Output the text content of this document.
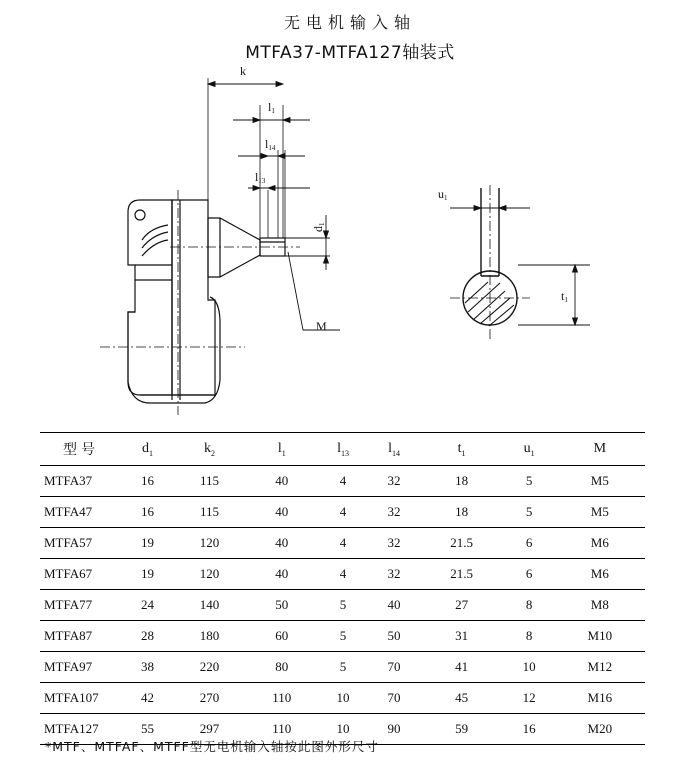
无电机输入轴
MTFA37-MTFA127轴装式
k
l1
l14
l13
d1
M
u1
t1
型号	$d_1$	$k_2$	$l_1$	$l_{13}$	$l_{14}$	$t_1$	$u_1$	M
MTFA37	16	115	40	4	32	18	5	M5
MTFA47	16	115	40	4	32	18	5	M5
MTFA57	19	120	40	4	32	21.5	6	M6
MTFA67	19	120	40	4	32	21.5	6	M6
MTFA77	24	140	50	5	40	27	8	M8
MTFA87	28	180	60	5	50	31	8	M10
MTFA97	38	220	80	5	70	41	10	M12
MTFA107	42	270	110	10	70	45	12	M16
MTFA127	55	297	110	10	90	59	16	M20
*MTF、MTFAF、MTFF型无电机输入轴按此图外形尺寸
